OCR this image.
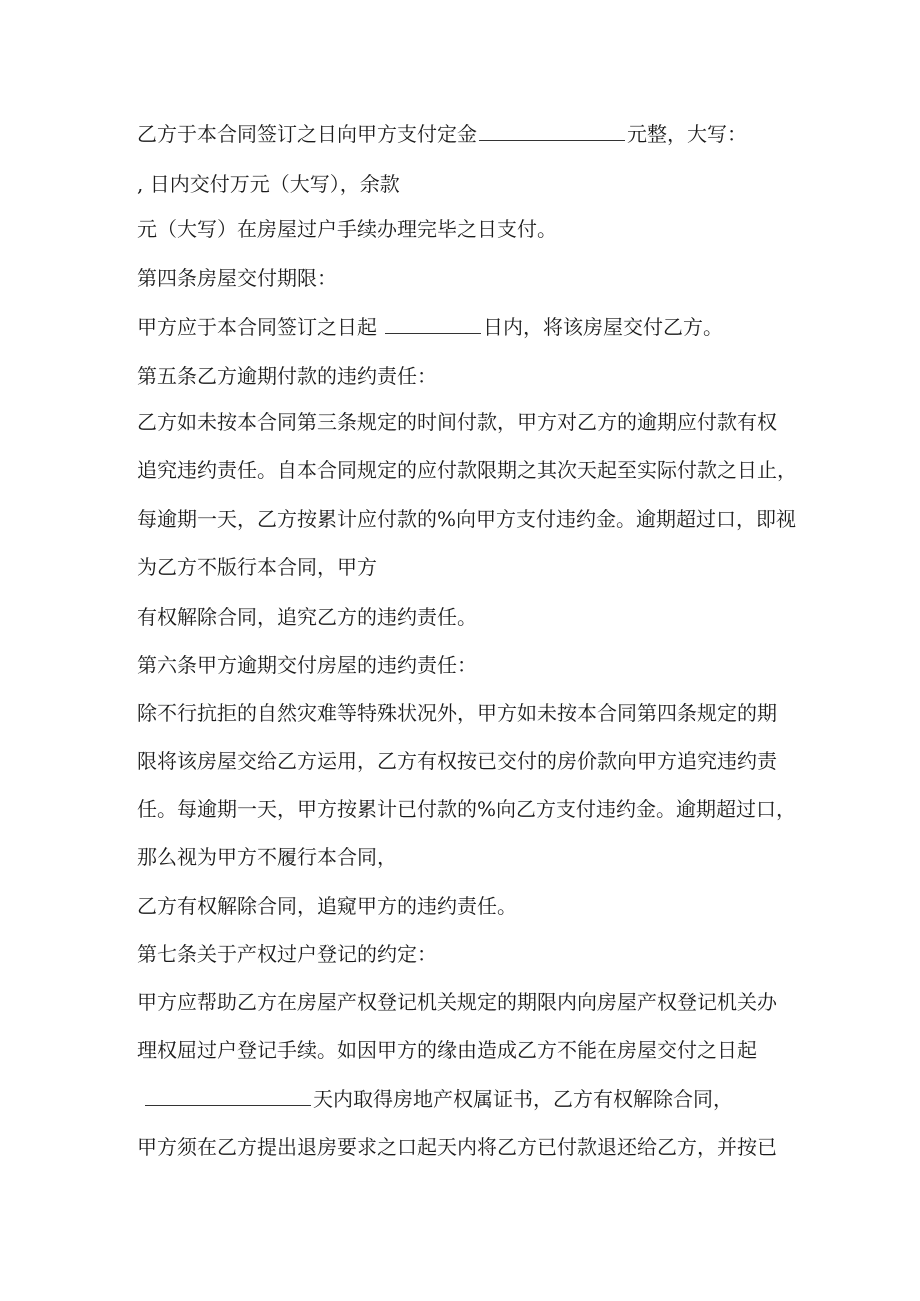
乙方于本合同签订之日向甲方支付定金	元整，大写：
, 日内交付万元（大写），余款
元（大写）在房屋过户手续办理完毕之日支付。
第四条房屋交付期限：
甲方应于本合同签订之日起	日内，将该房屋交付乙方。
第五条乙方逾期付款的违约责任：
乙方如未按本合同第三条规定的时间付款，甲方对乙方的逾期应付款有权
追究违约责任。自本合同规定的应付款限期之其次天起至实际付款之日止，
每逾期一天，乙方按累计应付款的%向甲方支付违约金。逾期超过口，即视
为乙方不版行本合同，甲方
有权解除合同，追究乙方的违约责任。
第六条甲方逾期交付房屋的违约责任：
除不行抗拒的自然灾难等特殊状况外，甲方如未按本合同第四条规定的期
限将该房屋交给乙方运用，乙方有权按已交付的房价款向甲方追究违约责
任。每逾期一天，甲方按累计已付款的%向乙方支付违约金。逾期超过口，
那么视为甲方不履行本合同，
乙方有权解除合同，追窥甲方的违约责任。
第七条关于产权过户登记的约定：
甲方应帮助乙方在房屋产权登记机关规定的期限内向房屋产权登记机关办
理权屈过户登记手续。如因甲方的缘由造成乙方不能在房屋交付之日起
天内取得房地产权属证书，乙方有权解除合同，
甲方须在乙方提出退房要求之口起天内将乙方已付款退还给乙方，并按已
